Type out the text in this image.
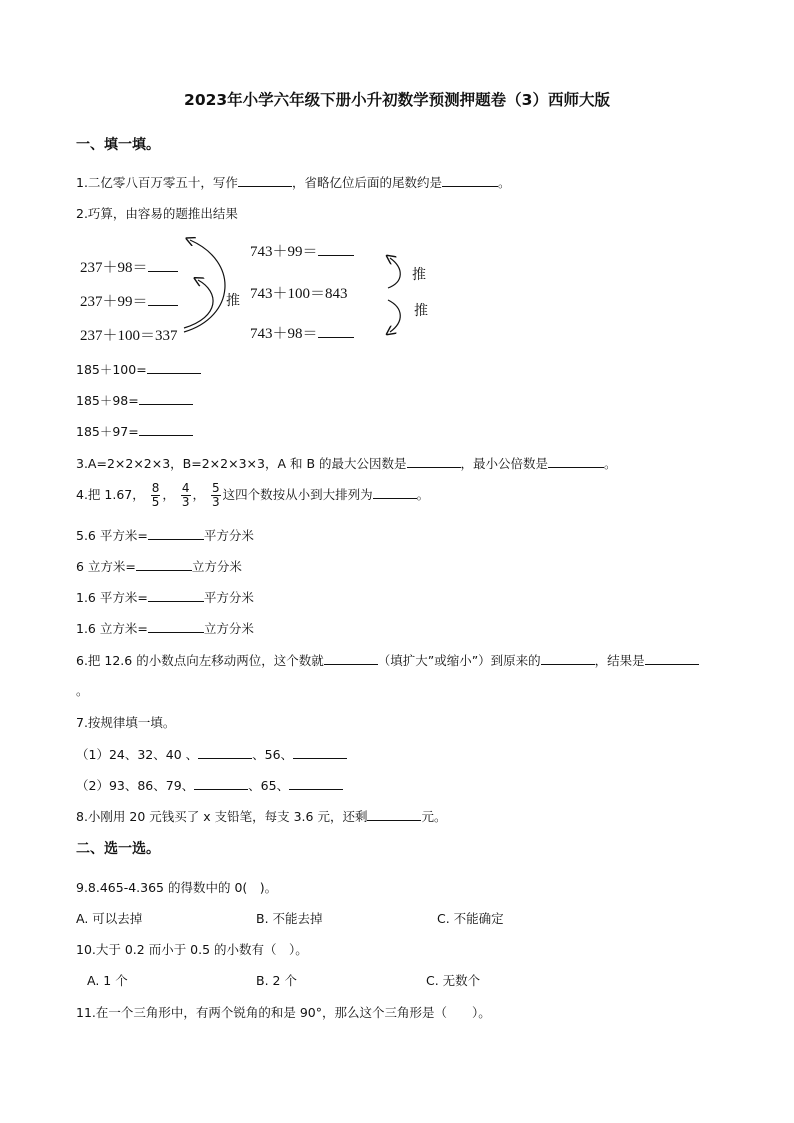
2023年小学六年级下册小升初数学预测押题卷（3）西师大版
一、填一填。
1.二亿零八百万零五十，写作	，省略亿位后面的尾数约是	。
2.巧算，由容易的题推出结果
237＋98＝
237＋99＝
237＋100＝337
推
743＋99＝
743＋100＝843
743＋98＝
推
推
185＋100=
185＋98=
185＋97=
3.A=2×2×2×3，B=2×2×3×3，A 和 B 的最大公因数是	，最小公倍数是	。
4.把 1.67， $\frac{8}{5}$ ， $\frac{4}{3}$ ， $\frac{5}{3}$ 这四个数按从小到大排列为	。
5.6 平方米=	平方分米
6 立方米=	立方分米
1.6 平方米=	平方分米
1.6 立方米=	立方分米
6.把 12.6 的小数点向左移动两位，这个数就	（填扩大”或缩小”）到原来的	，结果是
。
7.按规律填一填。
（1）24、32、40 、	、56、
（2）93、86、79、	、65、
8.小刚用 20 元钱买了 x 支铅笔，每支 3.6 元，还剩	元。
二、选一选。
9.8.465-4.365 的得数中的 0(　)。
A. 可以去掉	B. 不能去掉	C. 不能确定
10.大于 0.2 而小于 0.5 的小数有（　）。
A. 1 个	B. 2 个	C. 无数个
11.在一个三角形中，有两个锐角的和是 90°，那么这个三角形是（　　）。
